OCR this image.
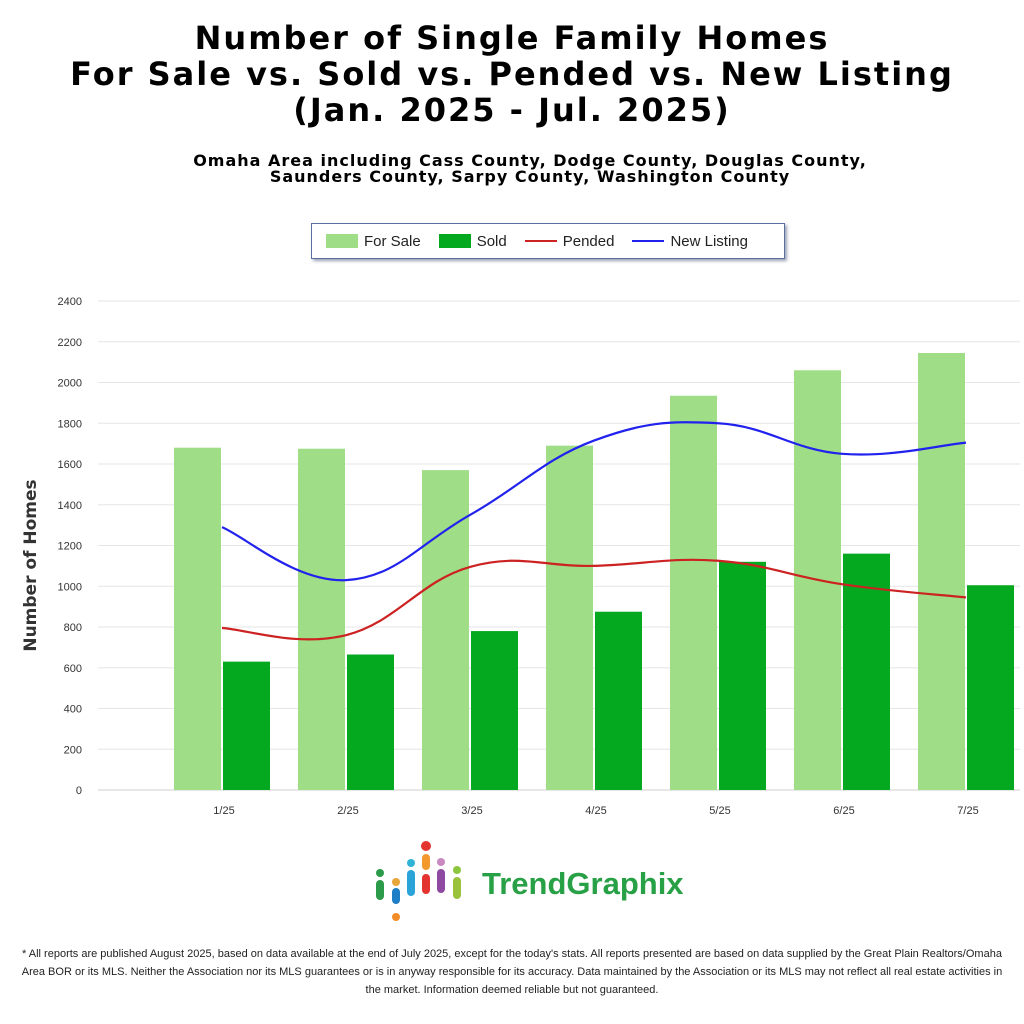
Number of Single Family Homes
For Sale vs. Sold vs. Pended vs. New Listing
(Jan. 2025 - Jul. 2025)
Omaha Area including Cass County, Dodge County, Douglas County,
Saunders County, Sarpy County, Washington County
For Sale	Sold	Pended	New Listing
0
200
400
600
800
1000
1200
1400
1600
1800
2000
2200
2400
Number of Homes
1/25	2/25	3/25	4/25	5/25	6/25	7/25
TrendGraphix
* All reports are published August 2025, based on data available at the end of July 2025, except for the today's stats. All reports presented are based on data supplied by the Great Plain Realtors/Omaha Area BOR or its MLS. Neither the Association nor its MLS guarantees or is in anyway responsible for its accuracy. Data maintained by the Association or its MLS may not reflect all real estate activities in the market. Information deemed reliable but not guaranteed.
